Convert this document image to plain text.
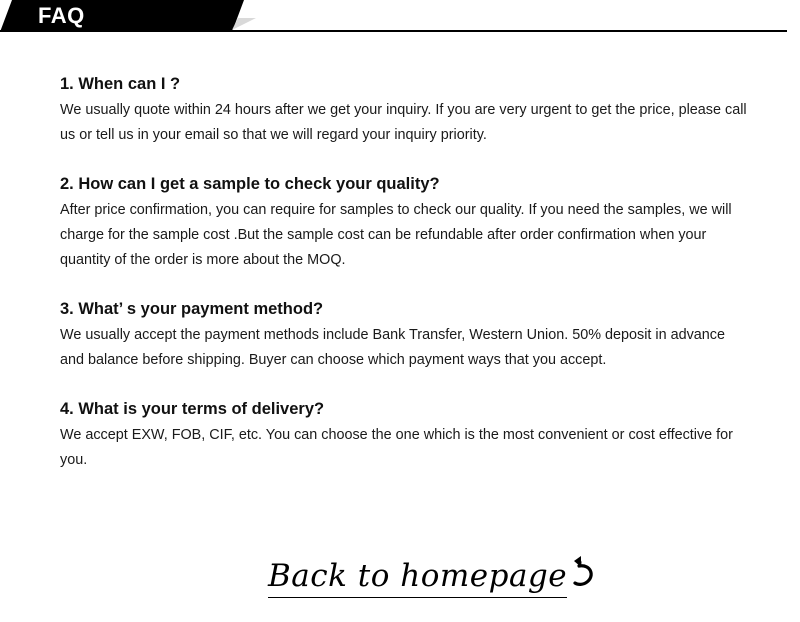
FAQ

1. When can I ?

We usually quote within 24 hours after we get your inquiry. If you are very urgent to get the price, please call us or tell us in your email so that we will regard your inquiry priority.

2. How can I get a sample to check your quality?

After price confirmation, you can require for samples to check our quality. If you need the samples, we will charge for the sample cost .But the sample cost can be refundable after order confirmation when your quantity of the order is more about the MOQ.

3. What’ s your payment method?

We usually accept the payment methods include Bank Transfer, Western Union. 50% deposit in advance and balance before shipping. Buyer can choose which payment ways that you accept.

4. What is your terms of delivery?

We accept EXW, FOB, CIF, etc. You can choose the one which is the most convenient or cost effective for you.

Back to homepage
